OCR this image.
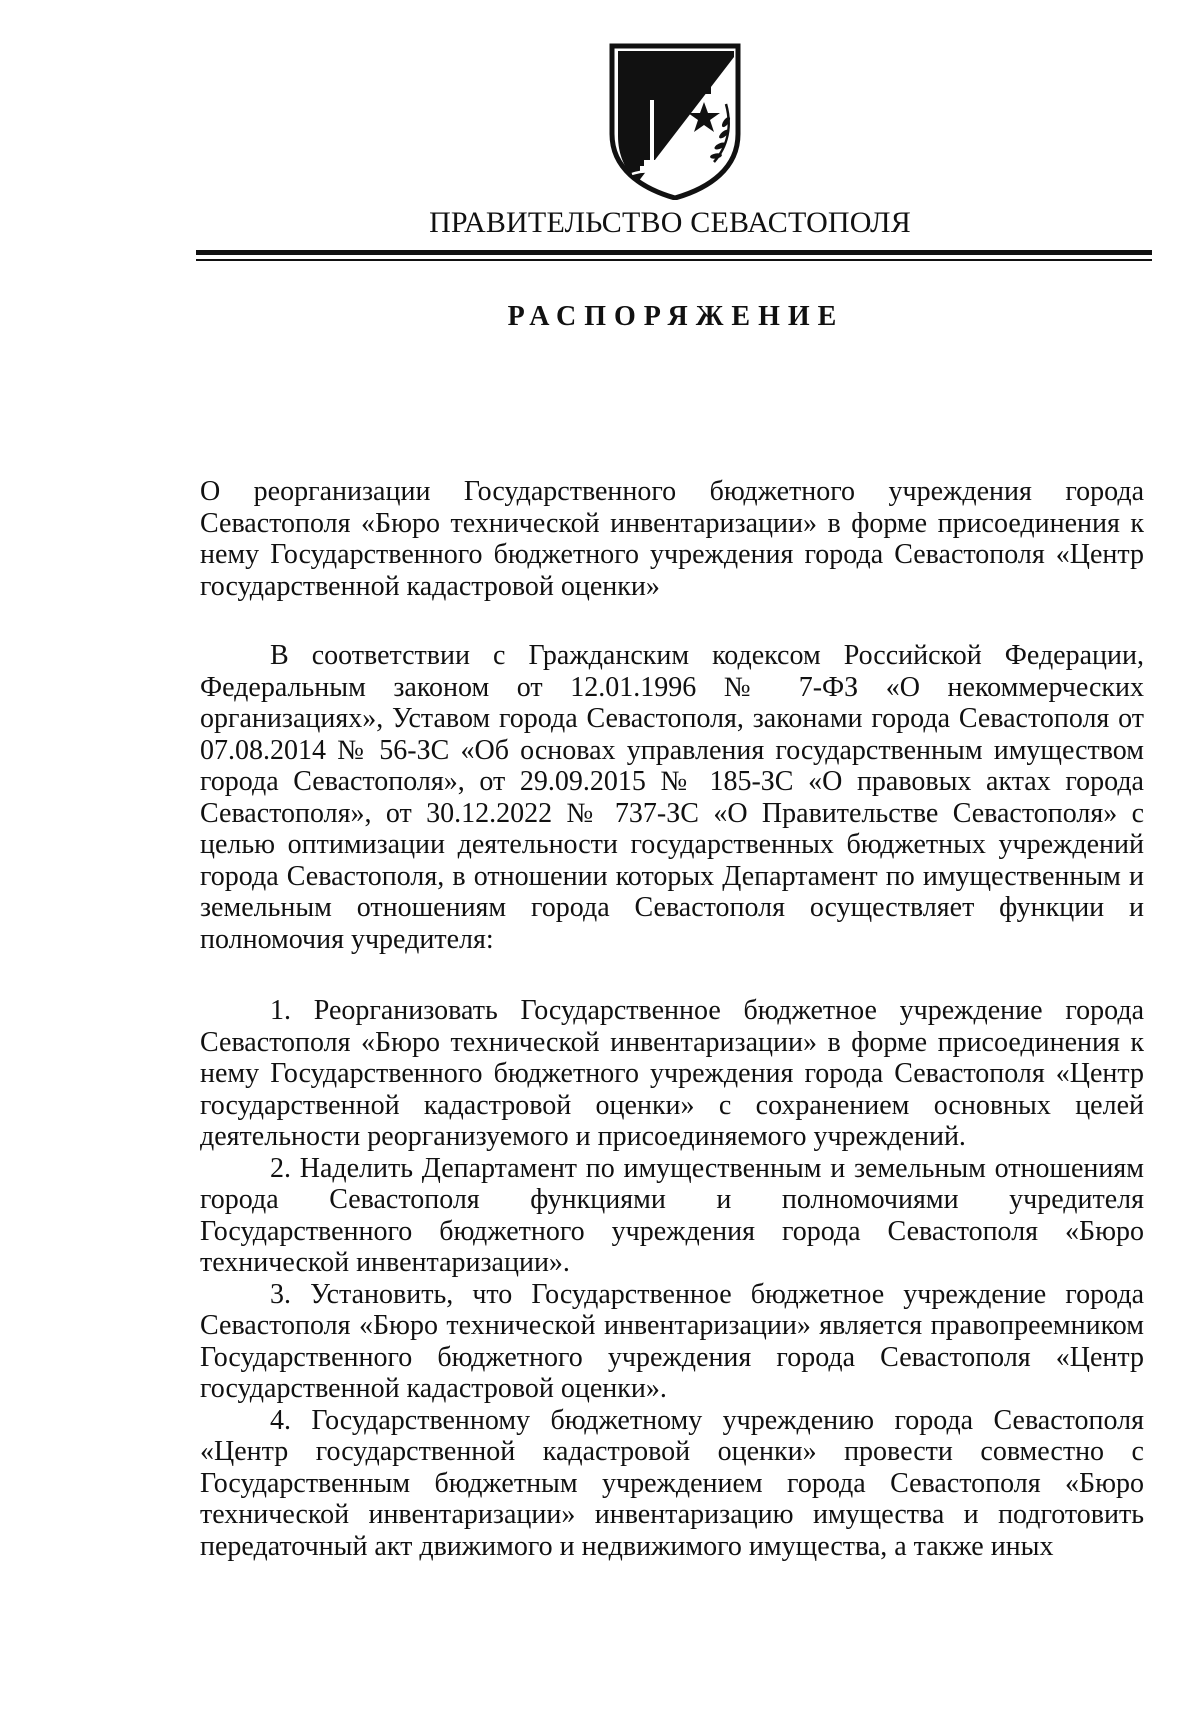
ПРАВИТЕЛЬСТВО СЕВАСТОПОЛЯ
РАСПОРЯЖЕНИЕ
О реорганизации Государственного бюджетного учреждения города Севастополя «Бюро технической инвентаризации» в форме присоединения к нему Государственного бюджетного учреждения города Севастополя «Центр государственной кадастровой оценки»

В соответствии с Гражданским кодексом Российской Федерации, Федеральным законом от 12.01.1996 № 7-ФЗ «О некоммерческих организациях», Уставом города Севастополя, законами города Севастополя от 07.08.2014 № 56-ЗС «Об основах управления государственным имуществом города Севастополя», от 29.09.2015 № 185-ЗС «О правовых актах города Севастополя», от 30.12.2022 № 737-ЗС «О Правительстве Севастополя» с целью оптимизации деятельности государственных бюджетных учреждений города Севастополя, в отношении которых Департамент по имущественным и земельным отношениям города Севастополя осуществляет функции и полномочия учредителя:

1. Реорганизовать Государственное бюджетное учреждение города Севастополя «Бюро технической инвентаризации» в форме присоединения к нему Государственного бюджетного учреждения города Севастополя «Центр государственной кадастровой оценки» с сохранением основных целей деятельности реорганизуемого и присоединяемого учреждений.

2. Наделить Департамент по имущественным и земельным отношениям города Севастополя функциями и полномочиями учредителя Государственного бюджетного учреждения города Севастополя «Бюро технической инвентаризации».

3. Установить, что Государственное бюджетное учреждение города Севастополя «Бюро технической инвентаризации» является правопреемником Государственного бюджетного учреждения города Севастополя «Центр государственной кадастровой оценки».

4. Государственному бюджетному учреждению города Севастополя «Центр государственной кадастровой оценки» провести совместно с Государственным бюджетным учреждением города Севастополя «Бюро технической инвентаризации» инвентаризацию имущества и подготовить передаточный акт движимого и недвижимого имущества, а также иных
